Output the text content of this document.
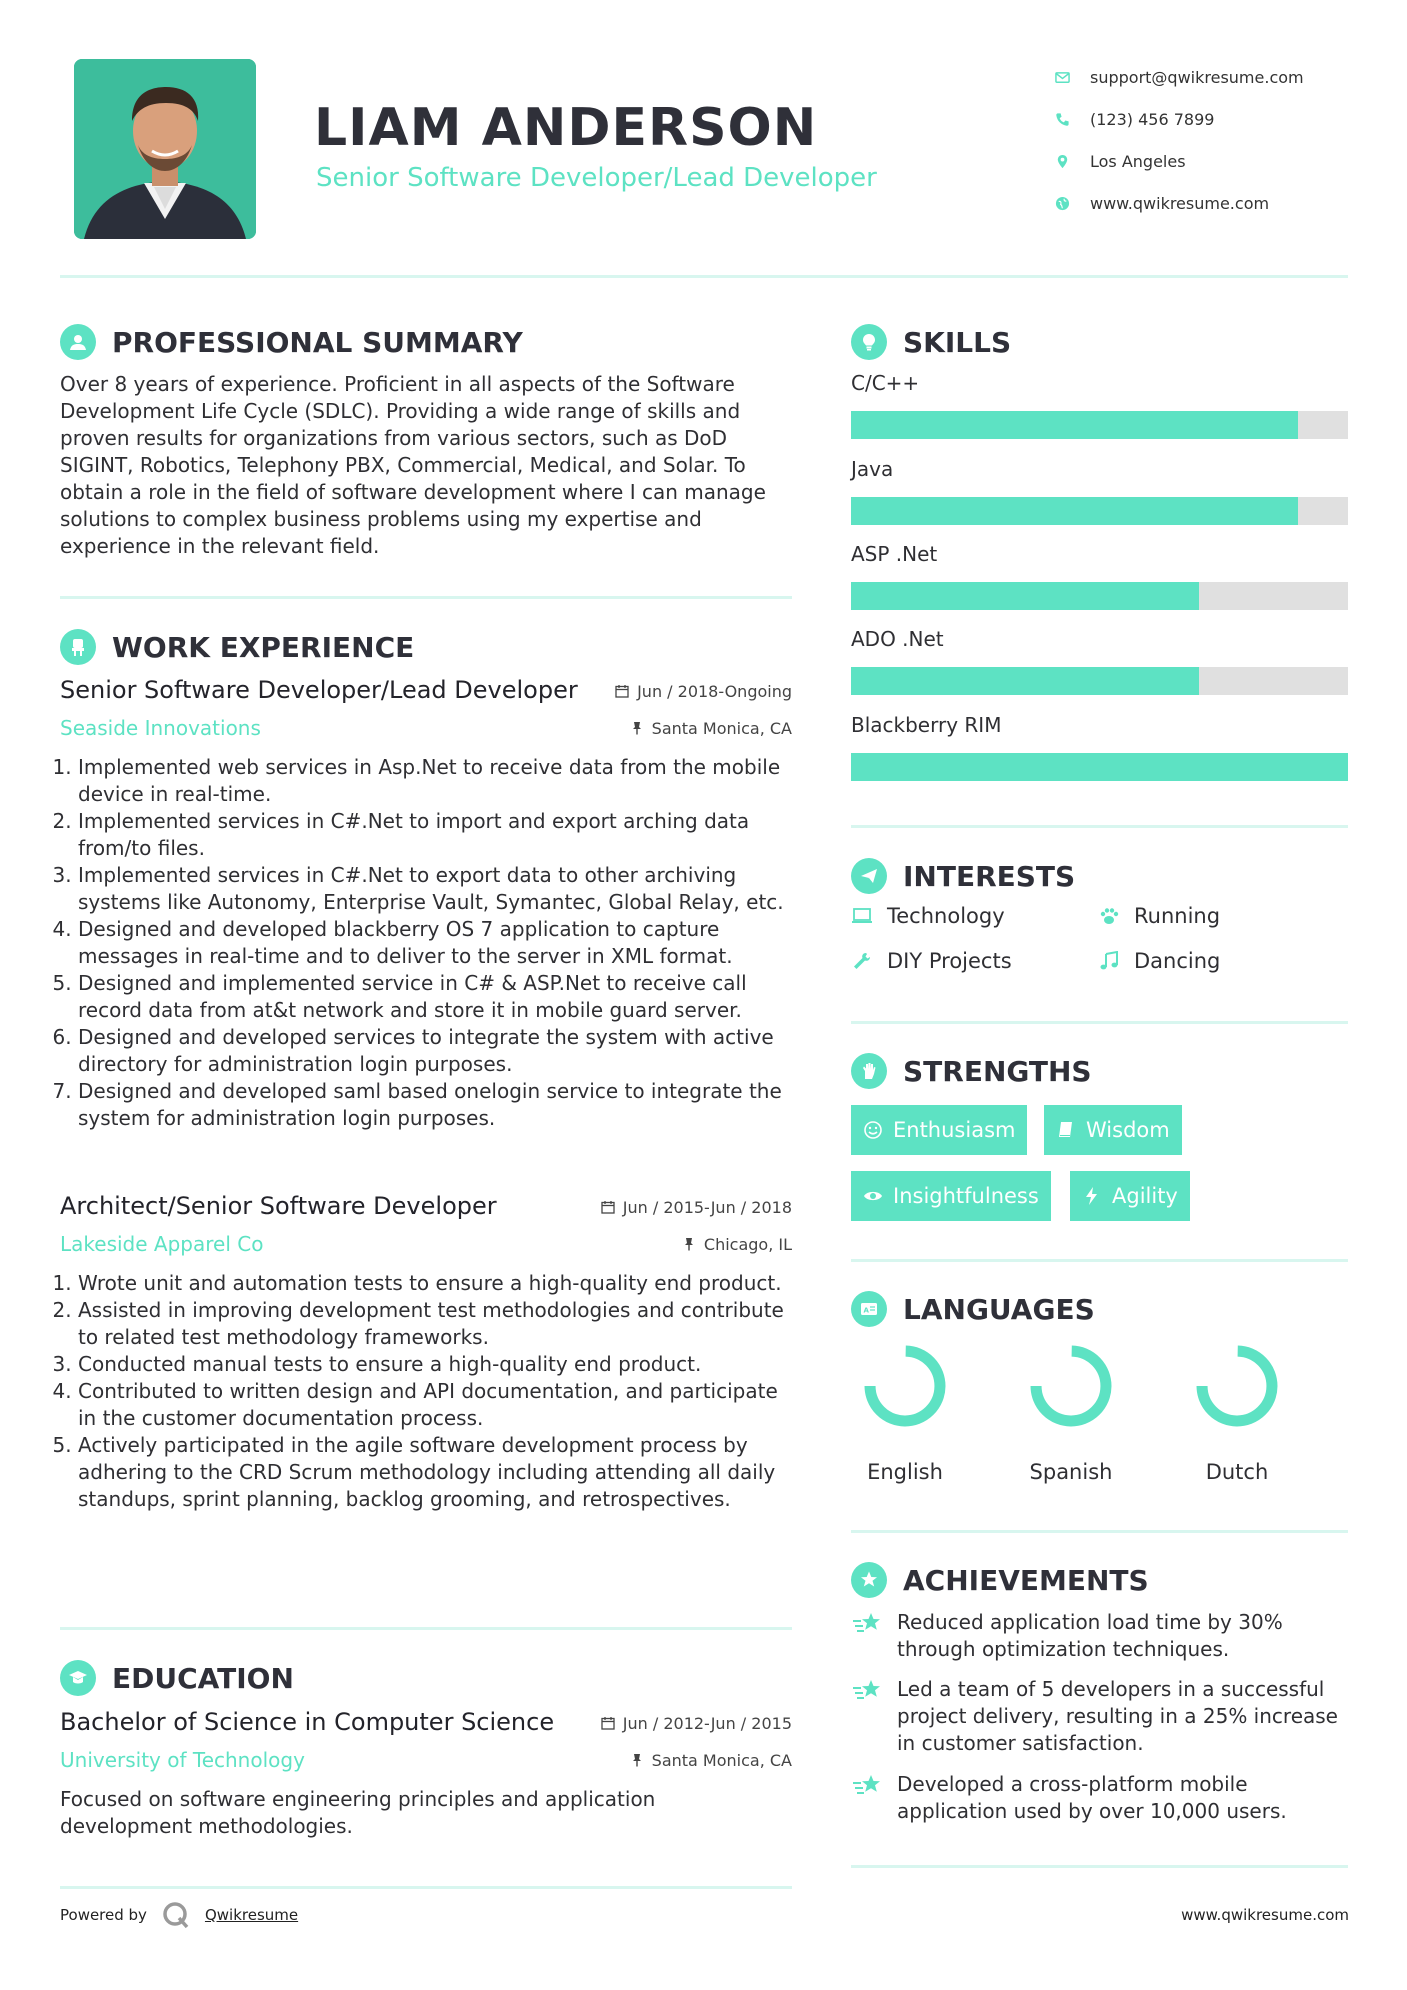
LIAM ANDERSON
Senior Software Developer/Lead Developer
support@qwikresume.com
(123) 456 7899
Los Angeles
www.qwikresume.com
PROFESSIONAL SUMMARY
Over 8 years of experience. Proficient in all aspects of the Software Development Life Cycle (SDLC). Providing a wide range of skills and proven results for organizations from various sectors, such as DoD SIGINT, Robotics, Telephony PBX, Commercial, Medical, and Solar. To obtain a role in the field of software development where I can manage solutions to complex business problems using my expertise and experience in the relevant field.
WORK EXPERIENCE
Senior Software Developer/Lead Developer	Jun / 2018-Ongoing
Seaside Innovations	Santa Monica, CA
1. Implemented web services in Asp.Net to receive data from the mobile device in real-time.
2. Implemented services in C#.Net to import and export arching data from/to files.
3. Implemented services in C#.Net to export data to other archiving systems like Autonomy, Enterprise Vault, Symantec, Global Relay, etc.
4. Designed and developed blackberry OS 7 application to capture messages in real-time and to deliver to the server in XML format.
5. Designed and implemented service in C# & ASP.Net to receive call record data from at&t network and store it in mobile guard server.
6. Designed and developed services to integrate the system with active directory for administration login purposes.
7. Designed and developed saml based onelogin service to integrate the system for administration login purposes.
Architect/Senior Software Developer	Jun / 2015-Jun / 2018
Lakeside Apparel Co	Chicago, IL
1. Wrote unit and automation tests to ensure a high-quality end product.
2. Assisted in improving development test methodologies and contribute to related test methodology frameworks.
3. Conducted manual tests to ensure a high-quality end product.
4. Contributed to written design and API documentation, and participate in the customer documentation process.
5. Actively participated in the agile software development process by adhering to the CRD Scrum methodology including attending all daily standups, sprint planning, backlog grooming, and retrospectives.
EDUCATION
Bachelor of Science in Computer Science	Jun / 2012-Jun / 2015
University of Technology	Santa Monica, CA
Focused on software engineering principles and application development methodologies.
SKILLS
C/C++
Java
ASP .Net
ADO .Net
Blackberry RIM
INTERESTS
Technology	Running
DIY Projects	Dancing
STRENGTHS
Enthusiasm	Wisdom
Insightfulness	Agility
A LANGUAGES
English	Spanish	Dutch
ACHIEVEMENTS
Reduced application load time by 30% through optimization techniques.
Led a team of 5 developers in a successful project delivery, resulting in a 25% increase in customer satisfaction.
Developed a cross-platform mobile application used by over 10,000 users.
Powered by	Qwikresume	www.qwikresume.com
